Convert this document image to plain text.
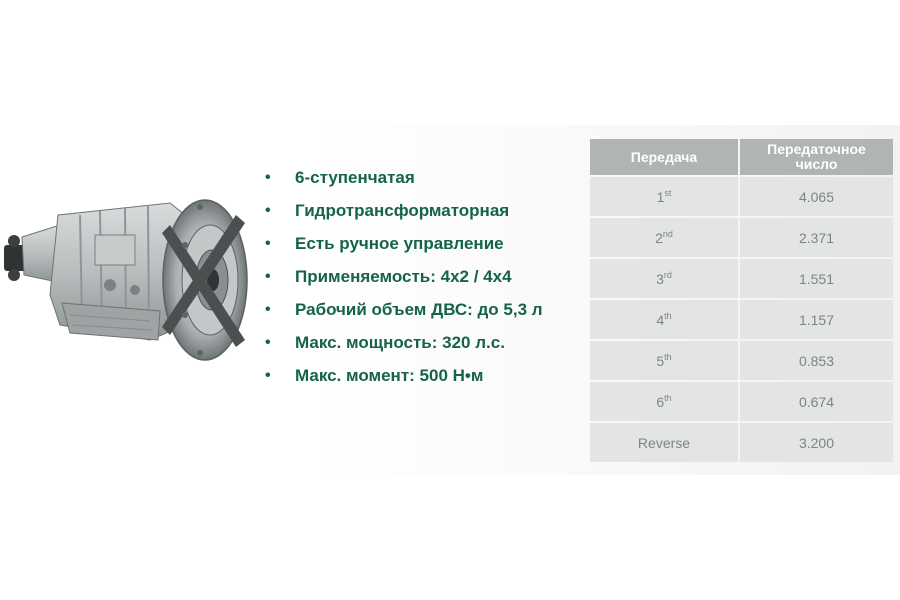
• 6-ступенчатая
• Гидротрансформаторная
• Есть ручное управление
• Применяемость: 4х2 / 4х4
• Рабочий объем ДВС: до 5,3 л
• Макс. мощность: 320 л.с.
• Макс. момент: 500 Н•м
Передача	Передаточное число
1st	4.065
2nd	2.371
3rd	1.551
4th	1.157
5th	0.853
6th	0.674
Reverse	3.200
